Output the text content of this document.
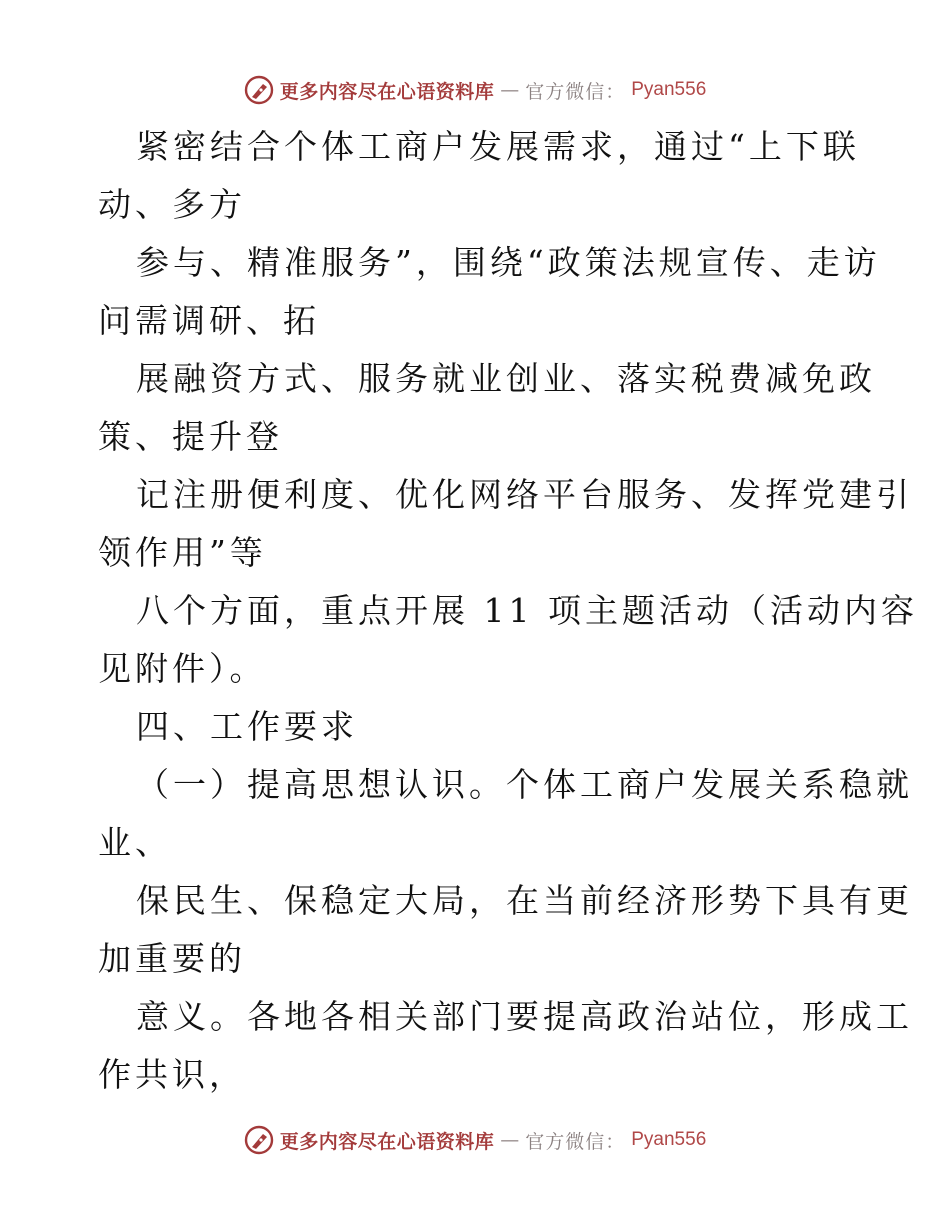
更多内容尽在心语资料库 — 官方微信： Pyan556
紧密结合个体工商户发展需求，通过“上下联
动、多方
参与、精准服务”，围绕“政策法规宣传、走访
问需调研、拓
展融资方式、服务就业创业、落实税费减免政
策、提升登
记注册便利度、优化网络平台服务、发挥党建引
领作用”等
八个方面，重点开展 11 项主题活动（活动内容
见附件）。
四、工作要求
（一）提高思想认识。个体工商户发展关系稳就
业、
保民生、保稳定大局，在当前经济形势下具有更
加重要的
意义。各地各相关部门要提高政治站位，形成工
作共识，
更多内容尽在心语资料库 — 官方微信： Pyan556
